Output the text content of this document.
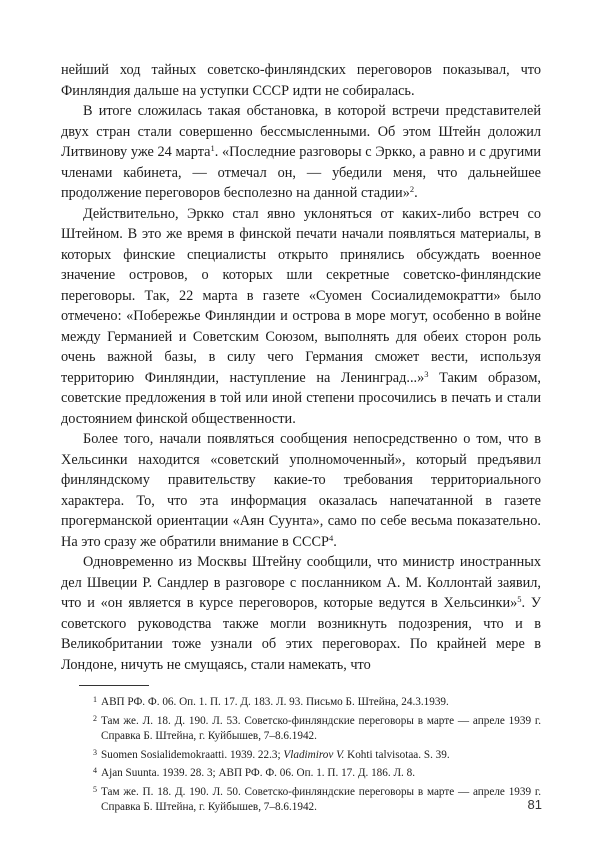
нейший ход тайных советско-финляндских переговоров показывал, что Финляндия дальше на уступки СССР идти не собиралась.

В итоге сложилась такая обстановка, в которой встречи представителей двух стран стали совершенно бессмысленными. Об этом Штейн доложил Литвинову уже 24 марта$^1$. «Последние разговоры с Эркко, а равно и с другими членами кабинета, — отмечал он, — убедили меня, что дальнейшее продолжение переговоров бесполезно на данной стадии»$^2$.

Действительно, Эркко стал явно уклоняться от каких-либо встреч со Штейном. В это же время в финской печати начали появляться материалы, в которых финские специалисты открыто принялись обсуждать военное значение островов, о которых шли секретные советско-финляндские переговоры. Так, 22 марта в газете «Суомен Сосиалидемократти» было отмечено: «Побережье Финляндии и острова в море могут, особенно в войне между Германией и Советским Союзом, выполнять для обеих сторон роль очень важной базы, в силу чего Германия сможет вести, используя территорию Финляндии, наступление на Ленинград...»$^3$ Таким образом, советские предложения в той или иной степени просочились в печать и стали достоянием финской общественности.

Более того, начали появляться сообщения непосредственно о том, что в Хельсинки находится «советский уполномоченный», который предъявил финляндскому правительству какие-то требования территориального характера. То, что эта информация оказалась напечатанной в газете прогерманской ориентации «Аян Суунта», само по себе весьма показательно. На это сразу же обратили внимание в СССР$^4$.

Одновременно из Москвы Штейну сообщили, что министр иностранных дел Швеции Р. Сандлер в разговоре с посланником А. М. Коллонтай заявил, что и «он является в курсе переговоров, которые ведутся в Хельсинки»$^5$. У советского руководства также могли возникнуть подозрения, что и в Великобритании тоже узнали об этих переговорах. По крайней мере в Лондоне, ничуть не смущаясь, стали намекать, что

1 АВП РФ. Ф. 06. Оп. 1. П. 17. Д. 183. Л. 93. Письмо Б. Штейна, 24.3.1939.

2 Там же. Л. 18. Д. 190. Л. 53. Советско-финляндские переговоры в марте — апреле 1939 г. Справка Б. Штейна, г. Куйбышев, 7–8.6.1942.

3 Suomen Sosialidemokraatti. 1939. 22.3; Vladimirov V. Kohti talvisotaa. S. 39.

4 Ajan Suunta. 1939. 28. 3; АВП РФ. Ф. 06. Оп. 1. П. 17. Д. 186. Л. 8.

5 Там же. П. 18. Д. 190. Л. 50. Советско-финляндские переговоры в марте — апреле 1939 г. Справка Б. Штейна, г. Куйбышев, 7–8.6.1942.	81
